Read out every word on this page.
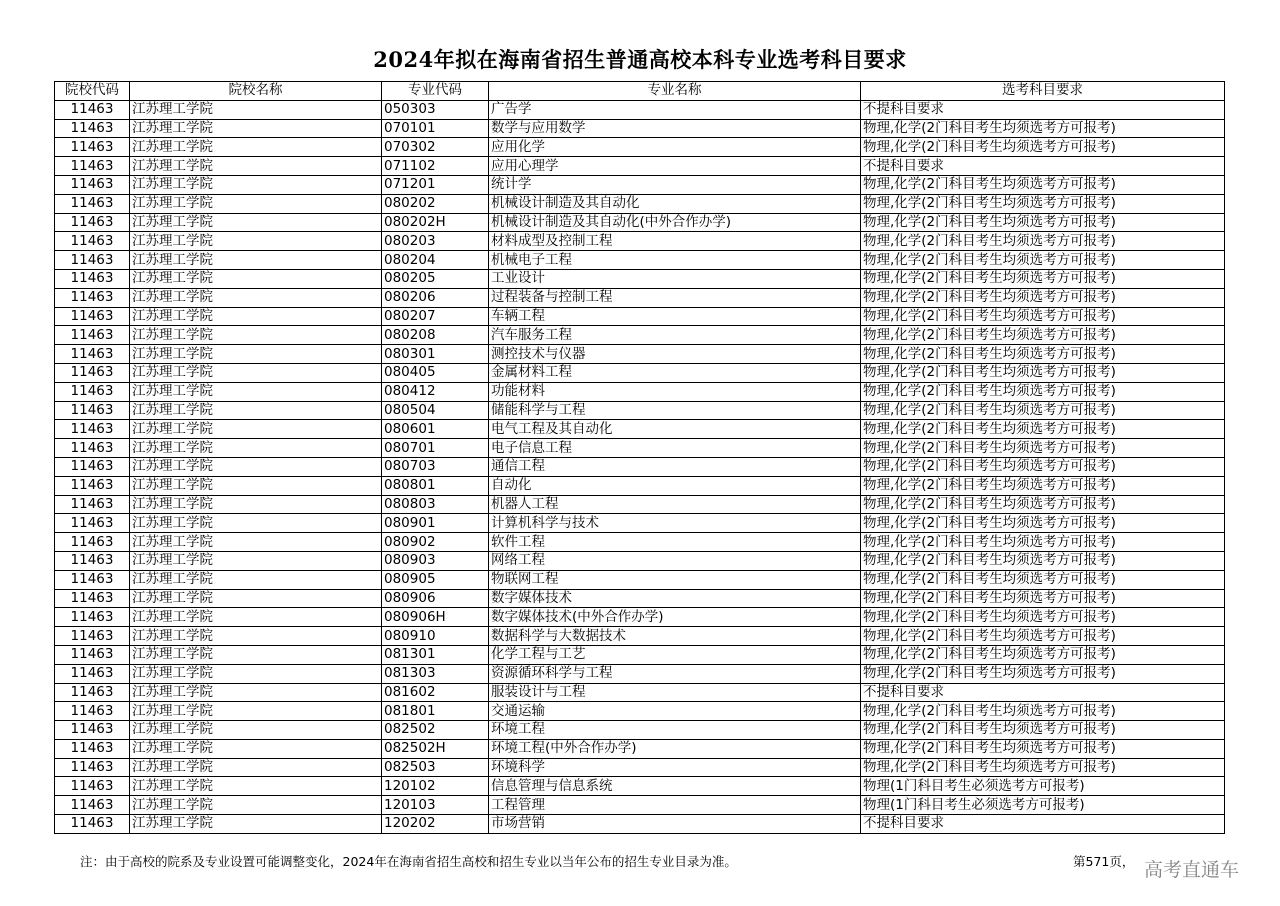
2024年拟在海南省招生普通高校本科专业选考科目要求
院校代码	院校名称	专业代码	专业名称	选考科目要求
11463	江苏理工学院	050303	广告学	不提科目要求
11463	江苏理工学院	070101	数学与应用数学	物理,化学(2门科目考生均须选考方可报考)
11463	江苏理工学院	070302	应用化学	物理,化学(2门科目考生均须选考方可报考)
11463	江苏理工学院	071102	应用心理学	不提科目要求
11463	江苏理工学院	071201	统计学	物理,化学(2门科目考生均须选考方可报考)
11463	江苏理工学院	080202	机械设计制造及其自动化	物理,化学(2门科目考生均须选考方可报考)
11463	江苏理工学院	080202H	机械设计制造及其自动化(中外合作办学)	物理,化学(2门科目考生均须选考方可报考)
11463	江苏理工学院	080203	材料成型及控制工程	物理,化学(2门科目考生均须选考方可报考)
11463	江苏理工学院	080204	机械电子工程	物理,化学(2门科目考生均须选考方可报考)
11463	江苏理工学院	080205	工业设计	物理,化学(2门科目考生均须选考方可报考)
11463	江苏理工学院	080206	过程装备与控制工程	物理,化学(2门科目考生均须选考方可报考)
11463	江苏理工学院	080207	车辆工程	物理,化学(2门科目考生均须选考方可报考)
11463	江苏理工学院	080208	汽车服务工程	物理,化学(2门科目考生均须选考方可报考)
11463	江苏理工学院	080301	测控技术与仪器	物理,化学(2门科目考生均须选考方可报考)
11463	江苏理工学院	080405	金属材料工程	物理,化学(2门科目考生均须选考方可报考)
11463	江苏理工学院	080412	功能材料	物理,化学(2门科目考生均须选考方可报考)
11463	江苏理工学院	080504	储能科学与工程	物理,化学(2门科目考生均须选考方可报考)
11463	江苏理工学院	080601	电气工程及其自动化	物理,化学(2门科目考生均须选考方可报考)
11463	江苏理工学院	080701	电子信息工程	物理,化学(2门科目考生均须选考方可报考)
11463	江苏理工学院	080703	通信工程	物理,化学(2门科目考生均须选考方可报考)
11463	江苏理工学院	080801	自动化	物理,化学(2门科目考生均须选考方可报考)
11463	江苏理工学院	080803	机器人工程	物理,化学(2门科目考生均须选考方可报考)
11463	江苏理工学院	080901	计算机科学与技术	物理,化学(2门科目考生均须选考方可报考)
11463	江苏理工学院	080902	软件工程	物理,化学(2门科目考生均须选考方可报考)
11463	江苏理工学院	080903	网络工程	物理,化学(2门科目考生均须选考方可报考)
11463	江苏理工学院	080905	物联网工程	物理,化学(2门科目考生均须选考方可报考)
11463	江苏理工学院	080906	数字媒体技术	物理,化学(2门科目考生均须选考方可报考)
11463	江苏理工学院	080906H	数字媒体技术(中外合作办学)	物理,化学(2门科目考生均须选考方可报考)
11463	江苏理工学院	080910	数据科学与大数据技术	物理,化学(2门科目考生均须选考方可报考)
11463	江苏理工学院	081301	化学工程与工艺	物理,化学(2门科目考生均须选考方可报考)
11463	江苏理工学院	081303	资源循环科学与工程	物理,化学(2门科目考生均须选考方可报考)
11463	江苏理工学院	081602	服装设计与工程	不提科目要求
11463	江苏理工学院	081801	交通运输	物理,化学(2门科目考生均须选考方可报考)
11463	江苏理工学院	082502	环境工程	物理,化学(2门科目考生均须选考方可报考)
11463	江苏理工学院	082502H	环境工程(中外合作办学)	物理,化学(2门科目考生均须选考方可报考)
11463	江苏理工学院	082503	环境科学	物理,化学(2门科目考生均须选考方可报考)
11463	江苏理工学院	120102	信息管理与信息系统	物理(1门科目考生必须选考方可报考)
11463	江苏理工学院	120103	工程管理	物理(1门科目考生必须选考方可报考)
11463	江苏理工学院	120202	市场营销	不提科目要求
注：由于高校的院系及专业设置可能调整变化，2024年在海南省招生高校和招生专业以当年公布的招生专业目录为准。	第571页， 高考直通车
